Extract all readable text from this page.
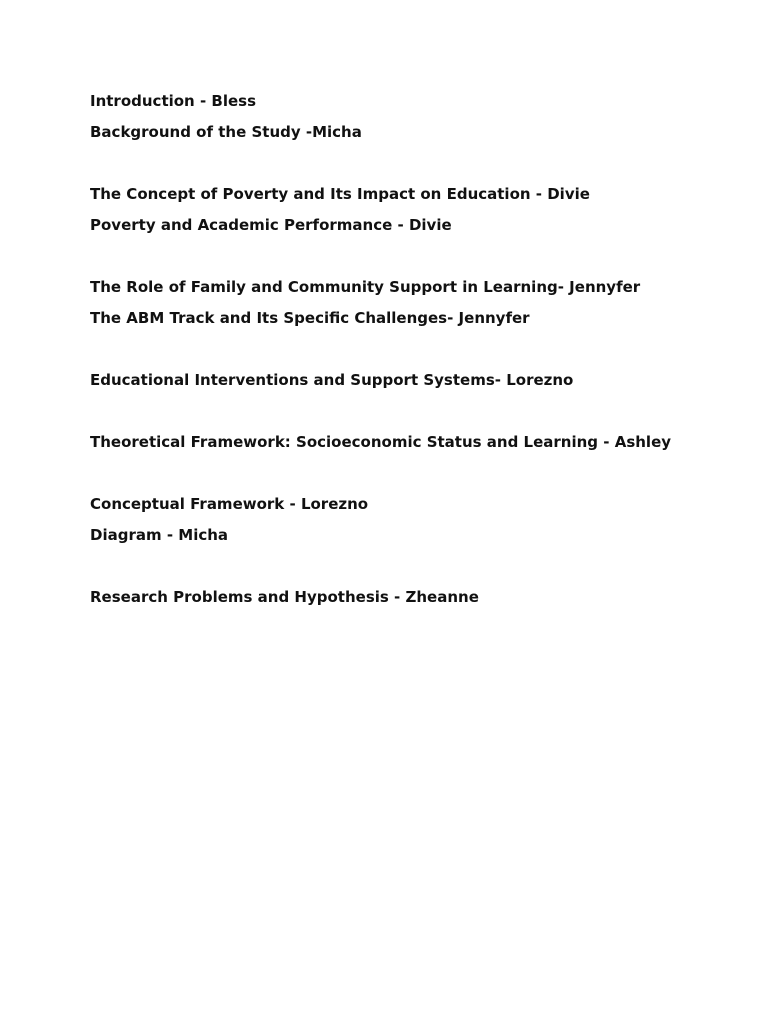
Introduction - Bless
Background of the Study -Micha
The Concept of Poverty and Its Impact on Education - Divie
Poverty and Academic Performance - Divie
The Role of Family and Community Support in Learning- Jennyfer
The ABM Track and Its Specific Challenges- Jennyfer
Educational Interventions and Support Systems- Lorezno
Theoretical Framework: Socioeconomic Status and Learning - Ashley
Conceptual Framework - Lorezno
Diagram - Micha
Research Problems and Hypothesis - Zheanne
